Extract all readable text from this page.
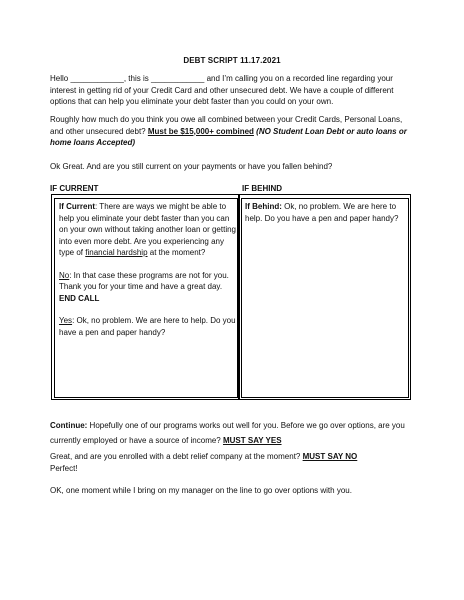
DEBT SCRIPT 11.17.2021

Hello ____________, this is ____________ and I’m calling you on a recorded line regarding your interest in getting rid of your Credit Card and other unsecured debt. We have a couple of different options that can help you eliminate your debt faster than you could on your own.

Roughly how much do you think you owe all combined between your Credit Cards, Personal Loans, and other unsecured debt? Must be $15,000+ combined (NO Student Loan Debt or auto loans or home loans Accepted)

Ok Great. And are you still current on your payments or have you fallen behind?

IF CURRENT	IF BEHIND
If Current: There are ways we might be able to help you eliminate your debt faster than you can on your own without taking another loan or getting into even more debt. Are you experiencing any type of financial hardship at the moment?
No: In that case these programs are not for you. Thank you for your time and have a great day.
END CALL
Yes: Ok, no problem. We are here to help. Do you have a pen and paper handy?
If Behind: Ok, no problem. We are here to help. Do you have a pen and paper handy?

Continue: Hopefully one of our programs works out well for you. Before we go over options, are you currently employed or have a source of income? MUST SAY YES

Great, and are you enrolled with a debt relief company at the moment? MUST SAY NO
Perfect!

OK, one moment while I bring on my manager on the line to go over options with you.
